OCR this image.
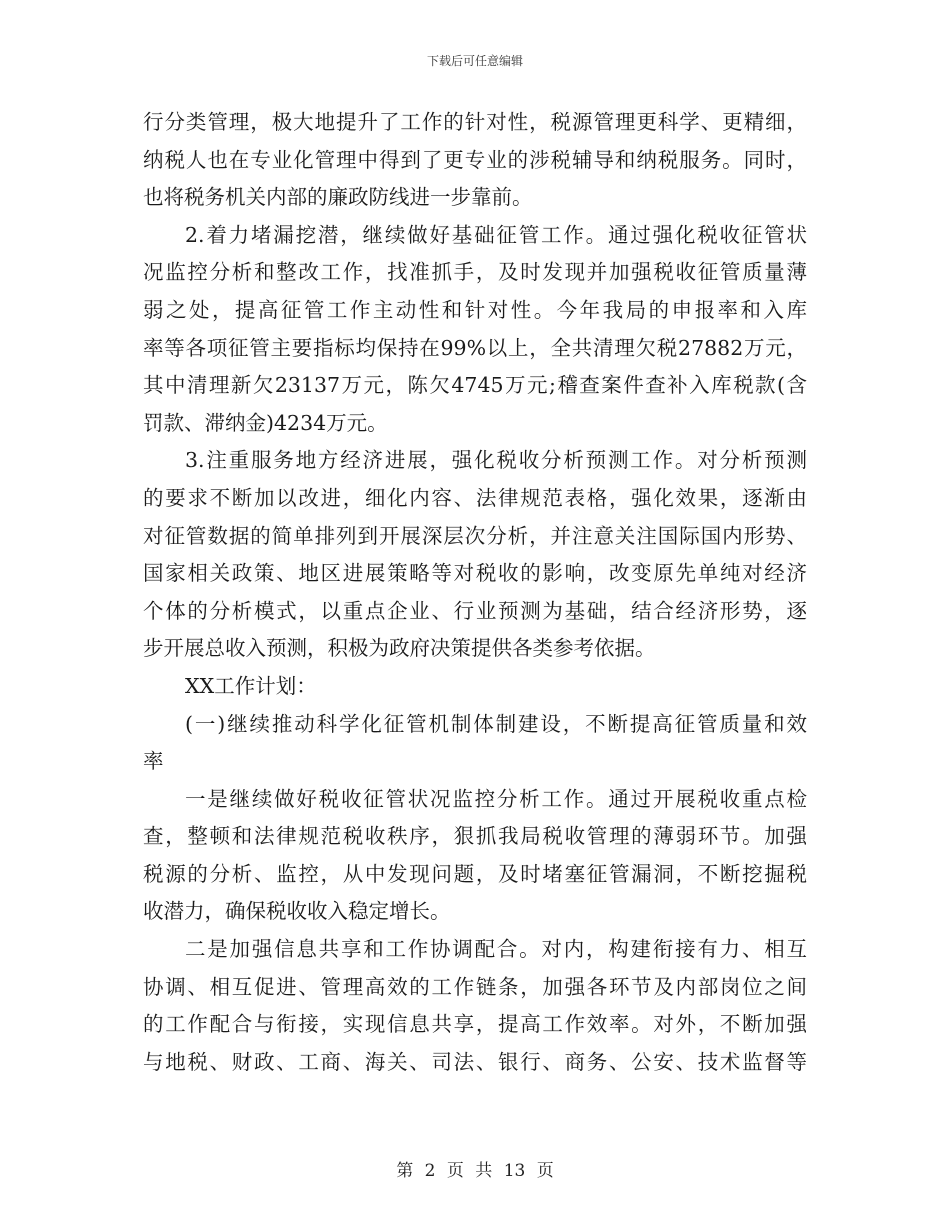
下载后可任意编辑
行分类管理，极大地提升了工作的针对性，税源管理更科学、更精细，
纳税人也在专业化管理中得到了更专业的涉税辅导和纳税服务。同时，
也将税务机关内部的廉政防线进一步靠前。
2.着力堵漏挖潜，继续做好基础征管工作。通过强化税收征管状
况监控分析和整改工作，找准抓手，及时发现并加强税收征管质量薄
弱之处，提高征管工作主动性和针对性。今年我局的申报率和入库
率等各项征管主要指标均保持在99%以上，全共清理欠税27882万元，
其中清理新欠23137万元，陈欠4745万元;稽查案件查补入库税款(含
罚款、滞纳金)4234万元。
3.注重服务地方经济进展，强化税收分析预测工作。对分析预测
的要求不断加以改进，细化内容、法律规范表格，强化效果，逐渐由
对征管数据的简单排列到开展深层次分析，并注意关注国际国内形势、
国家相关政策、地区进展策略等对税收的影响，改变原先单纯对经济
个体的分析模式，以重点企业、行业预测为基础，结合经济形势，逐
步开展总收入预测，积极为政府决策提供各类参考依据。
XX工作计划：
(一)继续推动科学化征管机制体制建设，不断提高征管质量和效
率
一是继续做好税收征管状况监控分析工作。通过开展税收重点检
查，整顿和法律规范税收秩序，狠抓我局税收管理的薄弱环节。加强
税源的分析、监控，从中发现问题，及时堵塞征管漏洞，不断挖掘税
收潜力，确保税收收入稳定增长。
二是加强信息共享和工作协调配合。对内，构建衔接有力、相互
协调、相互促进、管理高效的工作链条，加强各环节及内部岗位之间
的工作配合与衔接，实现信息共享，提高工作效率。对外，不断加强
与地税、财政、工商、海关、司法、银行、商务、公安、技术监督等
第 2 页 共 13 页
